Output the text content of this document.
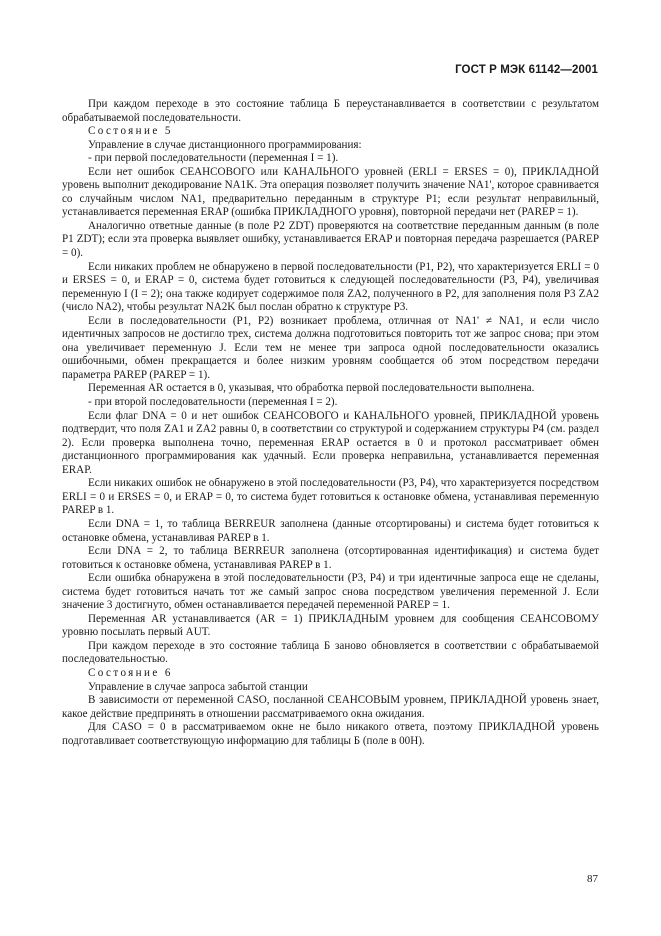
ГОСТ Р МЭК 61142—2001

При каждом переходе в это состояние таблица Б переустанавливается в соответствии с результатом обрабатываемой последовательности.

Состояние 5

Управление в случае дистанционного программирования:

- при первой последовательности (переменная I = 1).

Если нет ошибок СЕАНСОВОГО или КАНАЛЬНОГО уровней (ERLI = ERSES = 0), ПРИКЛАДНОЙ уровень выполнит декодирование NA1K. Эта операция позволяет получить значение NA1', которое сравнивается со случайным числом NA1, предварительно переданным в структуре P1; если результат неправильный, устанавливается переменная ERAP (ошибка ПРИКЛАДНОГО уровня), повторной передачи нет (PAREP = 1).

Аналогично ответные данные (в поле P2 ZDT) проверяются на соответствие переданным данным (в поле P1 ZDT); если эта проверка выявляет ошибку, устанавливается ERAP и повторная передача разрешается (PAREP = 0).

Если никаких проблем не обнаружено в первой последовательности (P1, P2), что характеризуется ERLI = 0 и ERSES = 0, и ERAP = 0, система будет готовиться к следующей последовательности (P3, P4), увеличивая переменную I (I = 2); она также кодирует содержимое поля ZA2, полученного в P2, для заполнения поля P3 ZA2 (число NA2), чтобы результат NA2K был послан обратно к структуре P3.

Если в последовательности (P1, P2) возникает проблема, отличная от NA1' ≠ NA1, и если число идентичных запросов не достигло трех, система должна подготовиться повторить тот же запрос снова; при этом она увеличивает переменную J. Если тем не менее три запроса одной последовательности оказались ошибочными, обмен прекращается и более низким уровням сообщается об этом посредством передачи параметра PAREP (PAREP = 1).

Переменная AR остается в 0, указывая, что обработка первой последовательности выполнена.

- при второй последовательности (переменная I = 2).

Если флаг DNA = 0 и нет ошибок СЕАНСОВОГО и КАНАЛЬНОГО уровней, ПРИКЛАДНОЙ уровень подтвердит, что поля ZA1 и ZA2 равны 0, в соответствии со структурой и содержанием структуры P4 (см. раздел 2). Если проверка выполнена точно, переменная ERAP остается в 0 и протокол рассматривает обмен дистанционного программирования как удачный. Если проверка неправильна, устанавливается переменная ERAP.

Если никаких ошибок не обнаружено в этой последовательности (P3, P4), что характеризуется посредством ERLI = 0 и ERSES = 0, и ERAP = 0, то система будет готовиться к остановке обмена, устанавливая переменную PAREP в 1.

Если DNA = 1, то таблица BERREUR заполнена (данные отсортированы) и система будет готовиться к остановке обмена, устанавливая PAREP в 1.

Если DNA = 2, то таблица BERREUR заполнена (отсортированная идентификация) и система будет готовиться к остановке обмена, устанавливая PAREP в 1.

Если ошибка обнаружена в этой последовательности (P3, P4) и три идентичные запроса еще не сделаны, система будет готовиться начать тот же самый запрос снова посредством увеличения переменной J. Если значение 3 достигнуто, обмен останавливается передачей переменной PAREP = 1.

Переменная AR устанавливается (AR = 1) ПРИКЛАДНЫМ уровнем для сообщения СЕАНСОВОМУ уровню посылать первый AUT.

При каждом переходе в это состояние таблица Б заново обновляется в соответствии с обрабатываемой последовательностью.

Состояние 6

Управление в случае запроса забытой станции

В зависимости от переменной CASO, посланной СЕАНСОВЫМ уровнем, ПРИКЛАДНОЙ уровень знает, какое действие предпринять в отношении рассматриваемого окна ожидания.

Для CASO = 0 в рассматриваемом окне не было никакого ответа, поэтому ПРИКЛАДНОЙ уровень подготавливает соответствующую информацию для таблицы Б (поле в 00H).

87
